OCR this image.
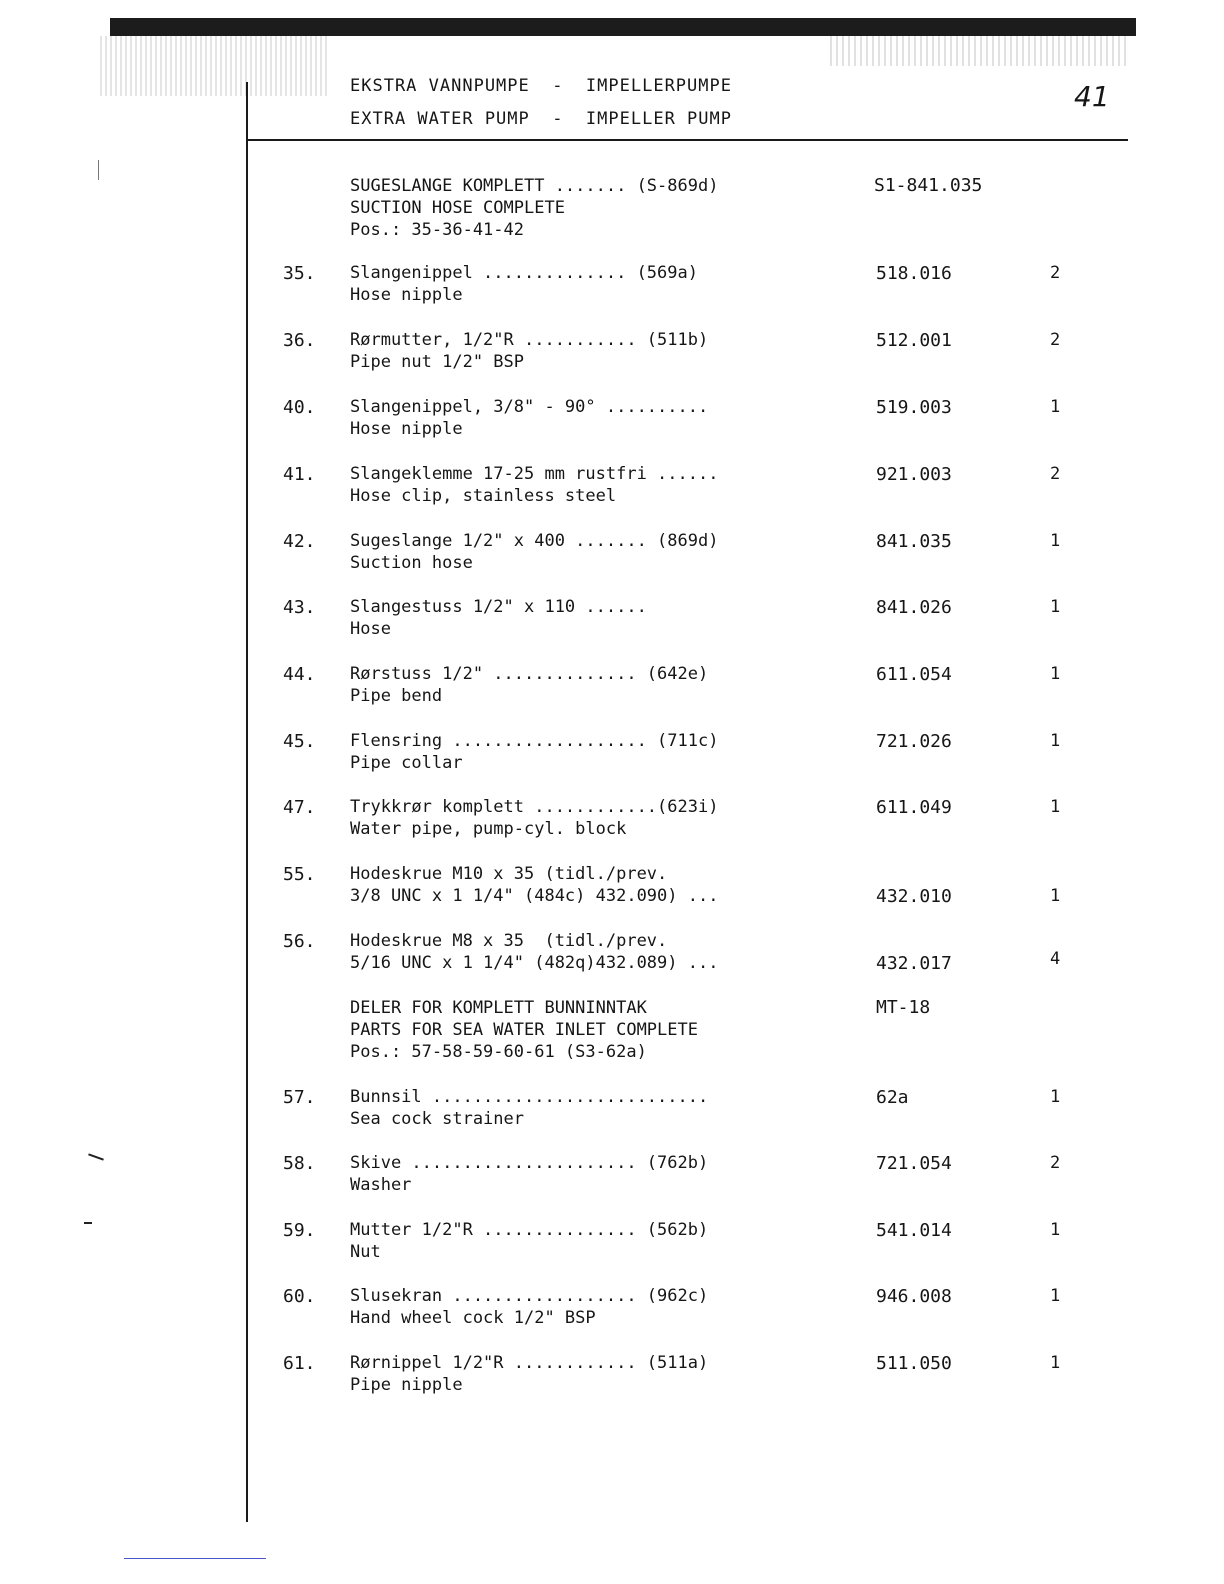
EKSTRA VANNPUMPE  -  IMPELLERPUMPE
EXTRA WATER PUMP  -  IMPELLER PUMP
41
SUGESLANGE KOMPLETT ....... (S-869d)
SUCTION HOSE COMPLETE
Pos.: 35-36-41-42
S1-841.035
35. Slangenippel .............. (569a)
Hose nipple
518.016	2
36. Rørmutter, 1/2"R ........... (511b)
Pipe nut 1/2" BSP
512.001	2
40. Slangenippel, 3/8" - 90° ..........
Hose nipple
519.003	1
41. Slangeklemme 17-25 mm rustfri ......
Hose clip, stainless steel
921.003	2
42. Sugeslange 1/2" x 400 ....... (869d)
Suction hose
841.035	1
43. Slangestuss 1/2" x 110 ......
Hose
841.026	1
44. Rørstuss 1/2" .............. (642e)
Pipe bend
611.054	1
45. Flensring ................... (711c)
Pipe collar
721.026	1
47. Trykkrør komplett ............(623i)
Water pipe, pump-cyl. block
611.049	1
55. Hodeskrue M10 x 35 (tidl./prev.
3/8 UNC x 1 1/4" (484c) 432.090) ...	432.010	1
56. Hodeskrue M8 x 35  (tidl./prev.
5/16 UNC x 1 1/4" (482q)432.089) ...	432.017	4
DELER FOR KOMPLETT BUNNINNTAK
PARTS FOR SEA WATER INLET COMPLETE
Pos.: 57-58-59-60-61 (S3-62a)
MT-18
57. Bunnsil ...........................
Sea cock strainer
62a	1
58. Skive ...................... (762b)
Washer
721.054	2
59. Mutter 1/2"R ............... (562b)
Nut
541.014	1
60. Slusekran .................. (962c)
Hand wheel cock 1/2" BSP
946.008	1
61. Rørnippel 1/2"R ............ (511a)
Pipe nipple
511.050	1
